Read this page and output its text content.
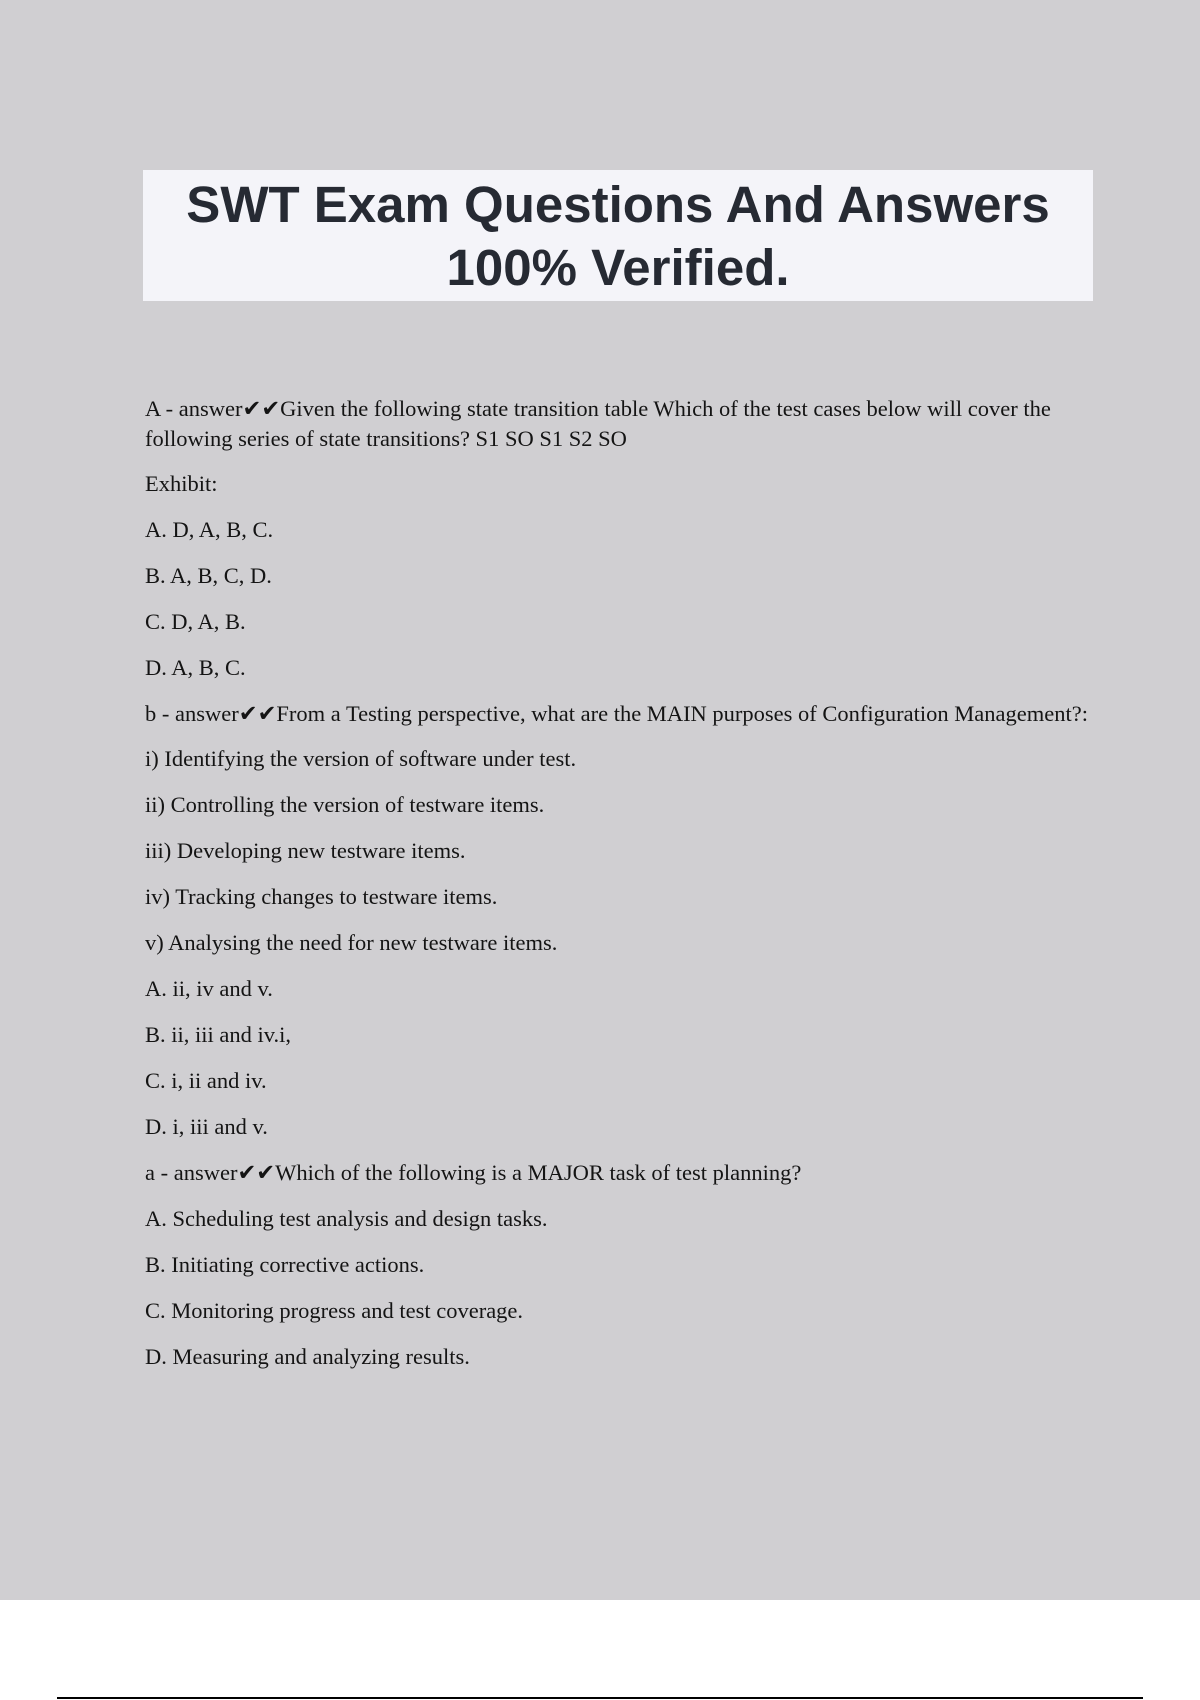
SWT Exam Questions And Answers
100% Verified.

A - answer✔✔Given the following state transition table Which of the test cases below will cover the following series of state transitions? S1 SO S1 S2 SO

Exhibit:

A. D, A, B, C.

B. A, B, C, D.

C. D, A, B.

D. A, B, C.

b - answer✔✔From a Testing perspective, what are the MAIN purposes of Configuration Management?:

i) Identifying the version of software under test.

ii) Controlling the version of testware items.

iii) Developing new testware items.

iv) Tracking changes to testware items.

v) Analysing the need for new testware items.

A. ii, iv and v.

B. ii, iii and iv.i,

C. i, ii and iv.

D. i, iii and v.

a - answer✔✔Which of the following is a MAJOR task of test planning?

A. Scheduling test analysis and design tasks.

B. Initiating corrective actions.

C. Monitoring progress and test coverage.

D. Measuring and analyzing results.
